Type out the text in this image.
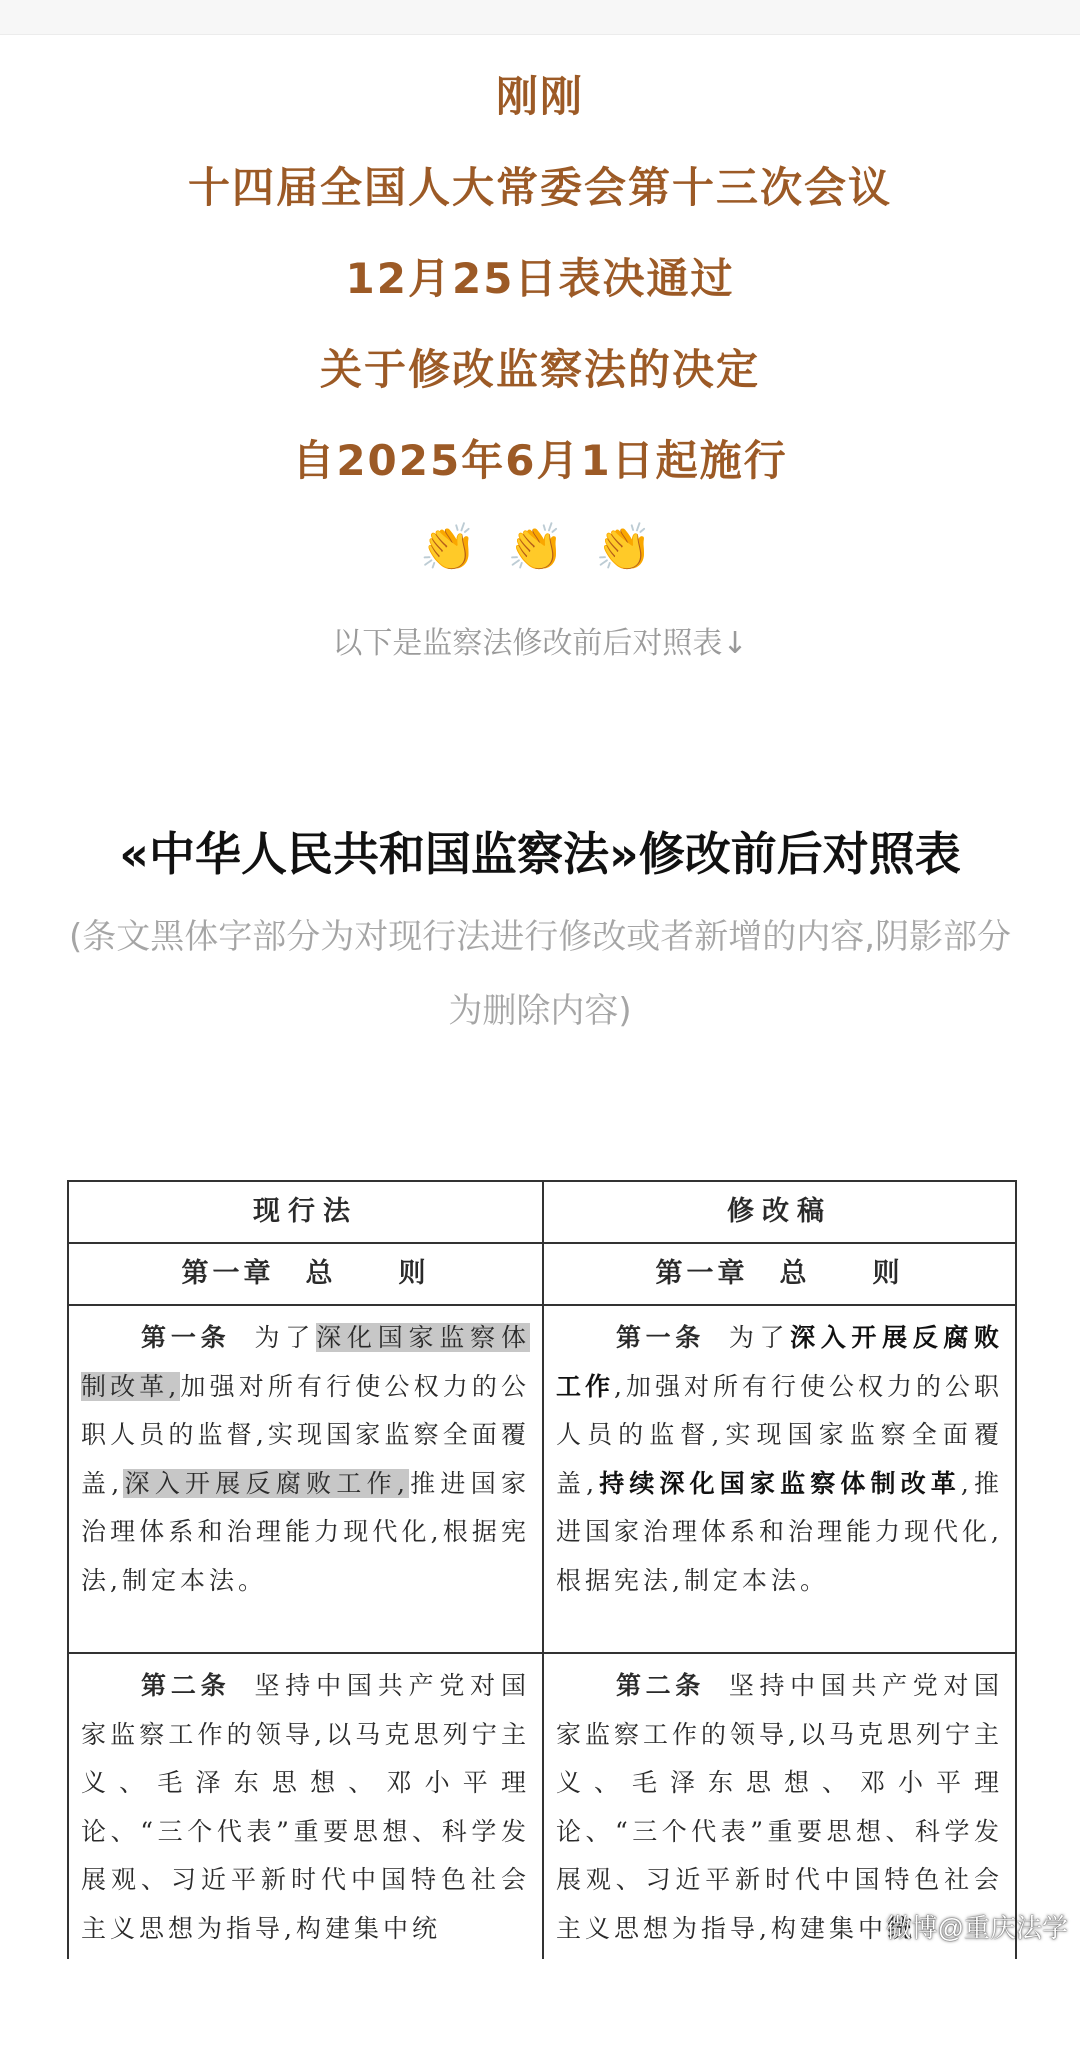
刚刚
十四届全国人大常委会第十三次会议
12月25日表决通过
关于修改监察法的决定
自2025年6月1日起施行
👏 👏 👏
以下是监察法修改前后对照表↓
«中华人民共和国监察法»修改前后对照表
(条文黑体字部分为对现行法进行修改或者新增的内容,阴影部分为删除内容)
现行法	修改稿
第一章　总　　则	第一章　总　　则
第一条 为了深化国家监察体制改革,加强对所有行使公权力的公职人员的监督,实现国家监察全面覆盖,深入开展反腐败工作,推进国家治理体系和治理能力现代化,根据宪法,制定本法。
第一条 为了深入开展反腐败工作,加强对所有行使公权力的公职人员的监督,实现国家监察全面覆盖,持续深化国家监察体制改革,推进国家治理体系和治理能力现代化,根据宪法,制定本法。
第二条 坚持中国共产党对国家监察工作的领导,以马克思列宁主义、毛泽东思想、邓小平理论、“三个代表”重要思想、科学发展观、习近平新时代中国特色社会主义思想为指导,构建集中统
第二条 坚持中国共产党对国家监察工作的领导,以马克思列宁主义、毛泽东思想、邓小平理论、“三个代表”重要思想、科学发展观、习近平新时代中国特色社会主义思想为指导,构建集中统
微博@重庆法学
